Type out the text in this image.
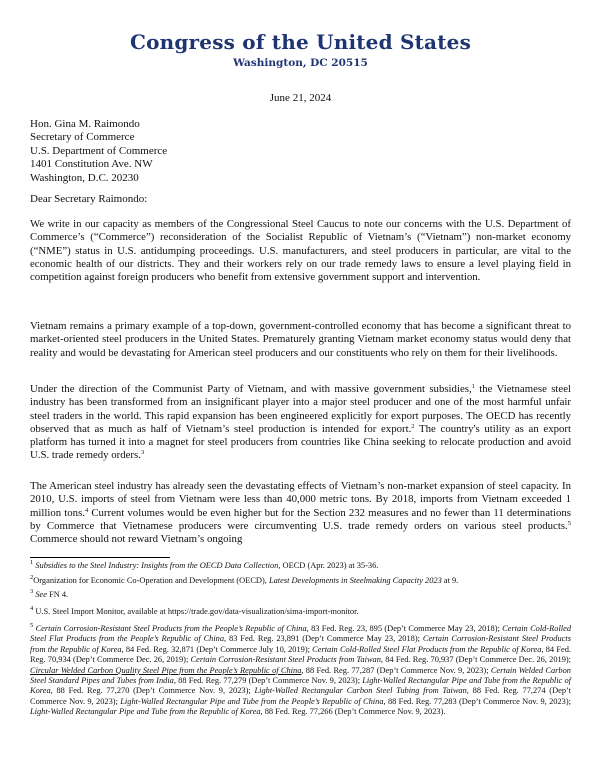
Congress of the United States
Washington, DC 20515
June 21, 2024
Hon. Gina M. Raimondo
Secretary of Commerce
U.S. Department of Commerce
1401 Constitution Ave. NW
Washington, D.C. 20230
Dear Secretary Raimondo:

We write in our capacity as members of the Congressional Steel Caucus to note our concerns with the U.S. Department of Commerce’s (“Commerce”) reconsideration of the Socialist Republic of Vietnam’s (“Vietnam”) non-market economy (“NME”) status in U.S. antidumping proceedings. U.S. manufacturers, and steel producers in particular, are vital to the economic health of our districts. They and their workers rely on our trade remedy laws to ensure a level playing field in competition against foreign producers who benefit from extensive government support and intervention.

Vietnam remains a primary example of a top-down, government-controlled economy that has become a significant threat to market-oriented steel producers in the United States. Prematurely granting Vietnam market economy status would deny that reality and would be devastating for American steel producers and our constituents who rely on them for their livelihoods.

Under the direction of the Communist Party of Vietnam, and with massive government subsidies,$^1$ the Vietnamese steel industry has been transformed from an insignificant player into a major steel producer and one of the most harmful unfair steel traders in the world. This rapid expansion has been engineered explicitly for export purposes. The OECD has recently observed that as much as half of Vietnam’s steel production is intended for export.$^2$ The country's utility as an export platform has turned it into a magnet for steel producers from countries like China seeking to relocate production and avoid U.S. trade remedy orders.$^3$

The American steel industry has already seen the devastating effects of Vietnam’s non-market expansion of steel capacity. In 2010, U.S. imports of steel from Vietnam were less than 40,000 metric tons. By 2018, imports from Vietnam exceeded 1 million tons.$^4$ Current volumes would be even higher but for the Section 232 measures and no fewer than 11 determinations by Commerce that Vietnamese producers were circumventing U.S. trade remedy orders on various steel products.$^5$ Commerce should not reward Vietnam’s ongoing

$^1$ Subsidies to the Steel Industry: Insights from the OECD Data Collection, OECD (Apr. 2023) at 35-36.

$^2$Organization for Economic Co-Operation and Development (OECD), Latest Developments in Steelmaking Capacity 2023 at 9.

$^3$ See FN 4.

$^4$ U.S. Steel Import Monitor, available at https://trade.gov/data-visualization/sima-import-monitor.

$^5$ Certain Corrosion-Resistant Steel Products from the People’s Republic of China, 83 Fed. Reg. 23, 895 (Dep’t Commerce May 23, 2018); Certain Cold-Rolled Steel Flat Products from the People’s Republic of China, 83 Fed. Reg. 23,891 (Dep’t Commerce May 23, 2018); Certain Corrosion-Resistant Steel Products from the Republic of Korea, 84 Fed. Reg. 32,871 (Dep’t Commerce July 10, 2019); Certain Cold-Rolled Steel Flat Products from the Republic of Korea, 84 Fed. Reg. 70,934 (Dep’t Commerce Dec. 26, 2019); Certain Corrosion-Resistant Steel Products from Taiwan, 84 Fed. Reg. 70,937 (Dep’t Commerce Dec. 26, 2019); Circular Welded Carbon Quality Steel Pipe from the People’s Republic of China, 88 Fed. Reg. 77,287 (Dep’t Commerce Nov. 9, 2023); Certain Welded Carbon Steel Standard Pipes and Tubes from India, 88 Fed. Reg. 77,279 (Dep’t Commerce Nov. 9, 2023); Light-Walled Rectangular Pipe and Tube from the Republic of Korea, 88 Fed. Reg. 77,270 (Dep’t Commerce Nov. 9, 2023); Light-Walled Rectangular Carbon Steel Tubing from Taiwan, 88 Fed. Reg. 77,274 (Dep’t Commerce Nov. 9, 2023); Light-Walled Rectangular Pipe and Tube from the People’s Republic of China, 88 Fed. Reg. 77,283 (Dep’t Commerce Nov. 9, 2023); Light-Walled Rectangular Pipe and Tube from the Republic of Korea, 88 Fed. Reg. 77,266 (Dep’t Commerce Nov. 9, 2023).
